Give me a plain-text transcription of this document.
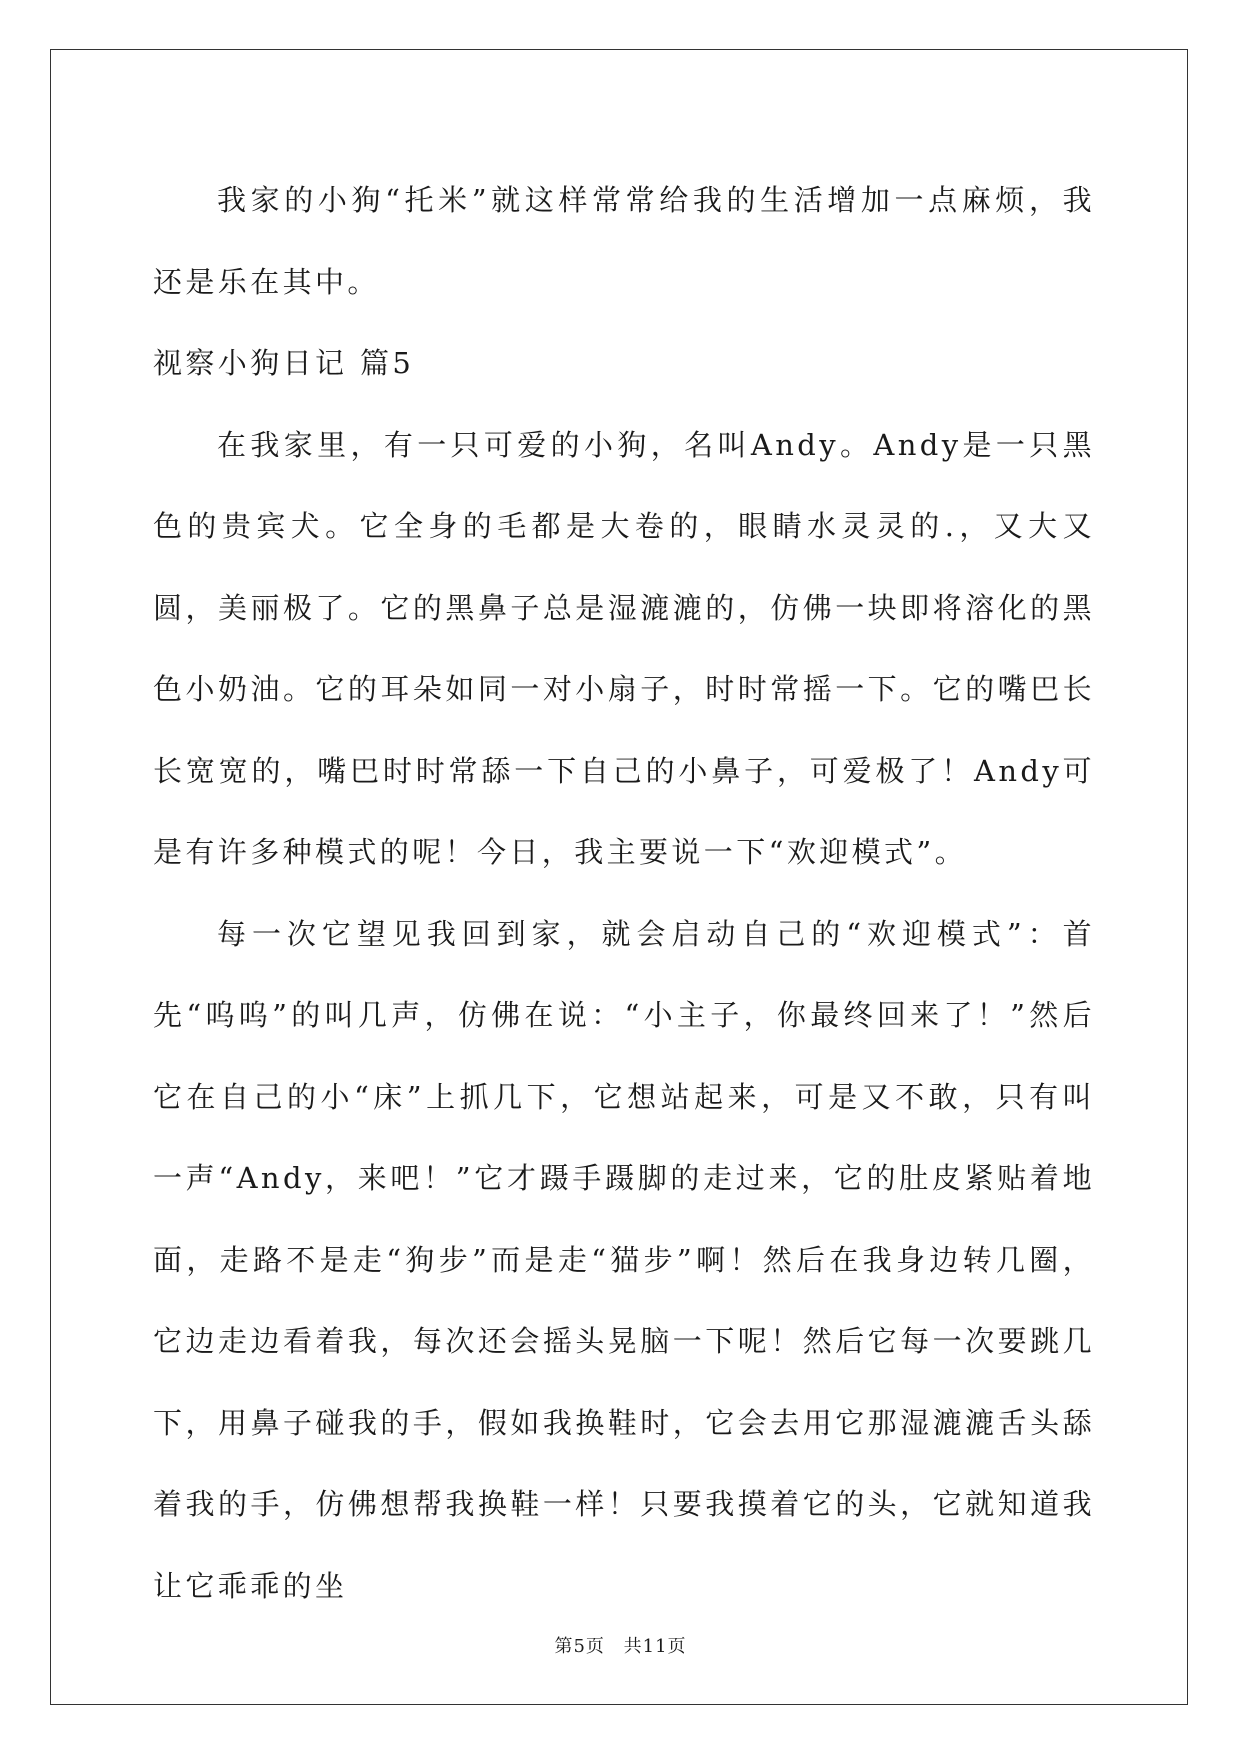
我家的小狗“托米”就这样常常给我的生活增加一点麻烦，我还是乐在其中。

视察小狗日记 篇5

在我家里，有一只可爱的小狗，名叫Andy。Andy是一只黑色的贵宾犬。它全身的毛都是大卷的，眼睛水灵灵的.，又大又圆，美丽极了。它的黑鼻子总是湿漉漉的，仿佛一块即将溶化的黑色小奶油。它的耳朵如同一对小扇子，时时常摇一下。它的嘴巴长长宽宽的，嘴巴时时常舔一下自己的小鼻子，可爱极了！Andy可是有许多种模式的呢！今日，我主要说一下“欢迎模式”。

每一次它望见我回到家，就会启动自己的“欢迎模式”：首先“呜呜”的叫几声，仿佛在说：“小主子，你最终回来了！”然后它在自己的小“床”上抓几下，它想站起来，可是又不敢，只有叫一声“Andy，来吧！”它才蹑手蹑脚的走过来，它的肚皮紧贴着地面，走路不是走“狗步”而是走“猫步”啊！然后在我身边转几圈，它边走边看着我，每次还会摇头晃脑一下呢！然后它每一次要跳几下，用鼻子碰我的手，假如我换鞋时，它会去用它那湿漉漉舌头舔着我的手，仿佛想帮我换鞋一样！只要我摸着它的头，它就知道我让它乖乖的坐

第5页 共11页
